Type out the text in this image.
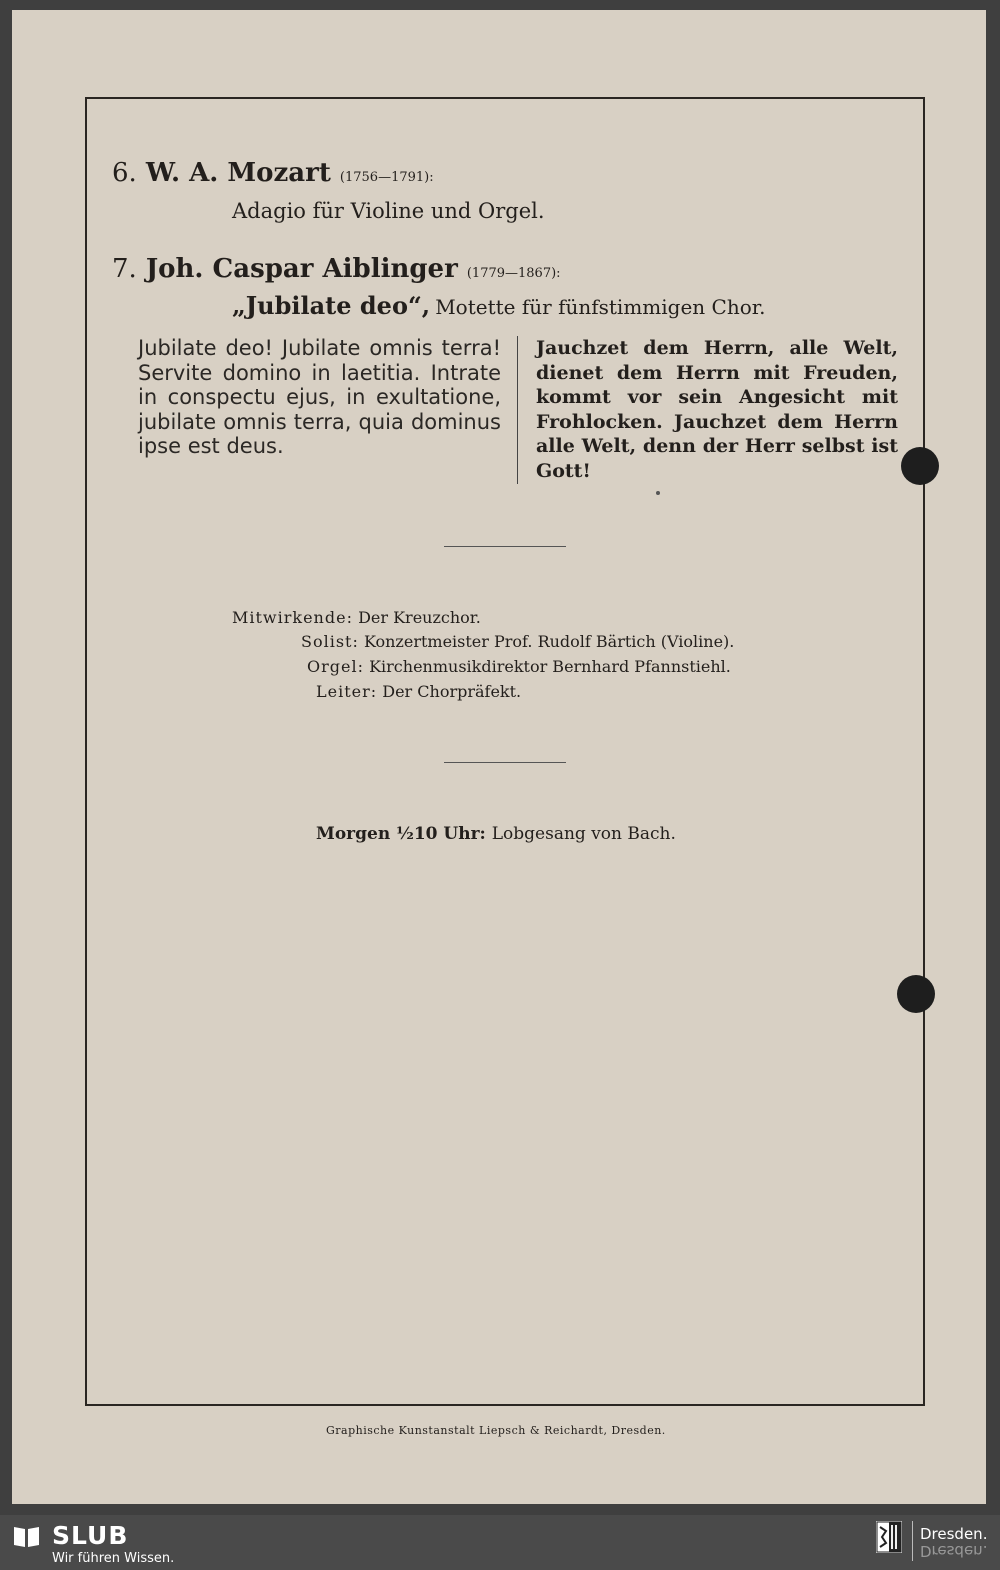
6. W. A. Mozart (1756—1791):
Adagio für Violine und Orgel.
7. Joh. Caspar Aiblinger (1779—1867):
„Jubilate deo“, Motette für fünfstimmigen Chor.
Jubilate deo! Jubilate omnis terra! Servite domino in laetitia. Intrate in conspectu ejus, in exultatione, jubilate omnis terra, quia dominus ipse est deus.
Jauchzet dem Herrn, alle Welt, dienet dem Herrn mit Freuden, kommt vor sein Angesicht mit Frohlocken. Jauchzet dem Herrn alle Welt, denn der Herr selbst ist Gott!
Mitwirkende: Der Kreuzchor.
Solist: Konzertmeister Prof. Rudolf Bärtich (Violine).
Orgel: Kirchenmusikdirektor Bernhard Pfannstiehl.
Leiter: Der Chorpräfekt.
Morgen ½10 Uhr: Lobgesang von Bach.
Graphische Kunstanstalt Liepsch & Reichardt, Dresden.
SLUB
Wir führen Wissen.
Dresden.
Dresden.
